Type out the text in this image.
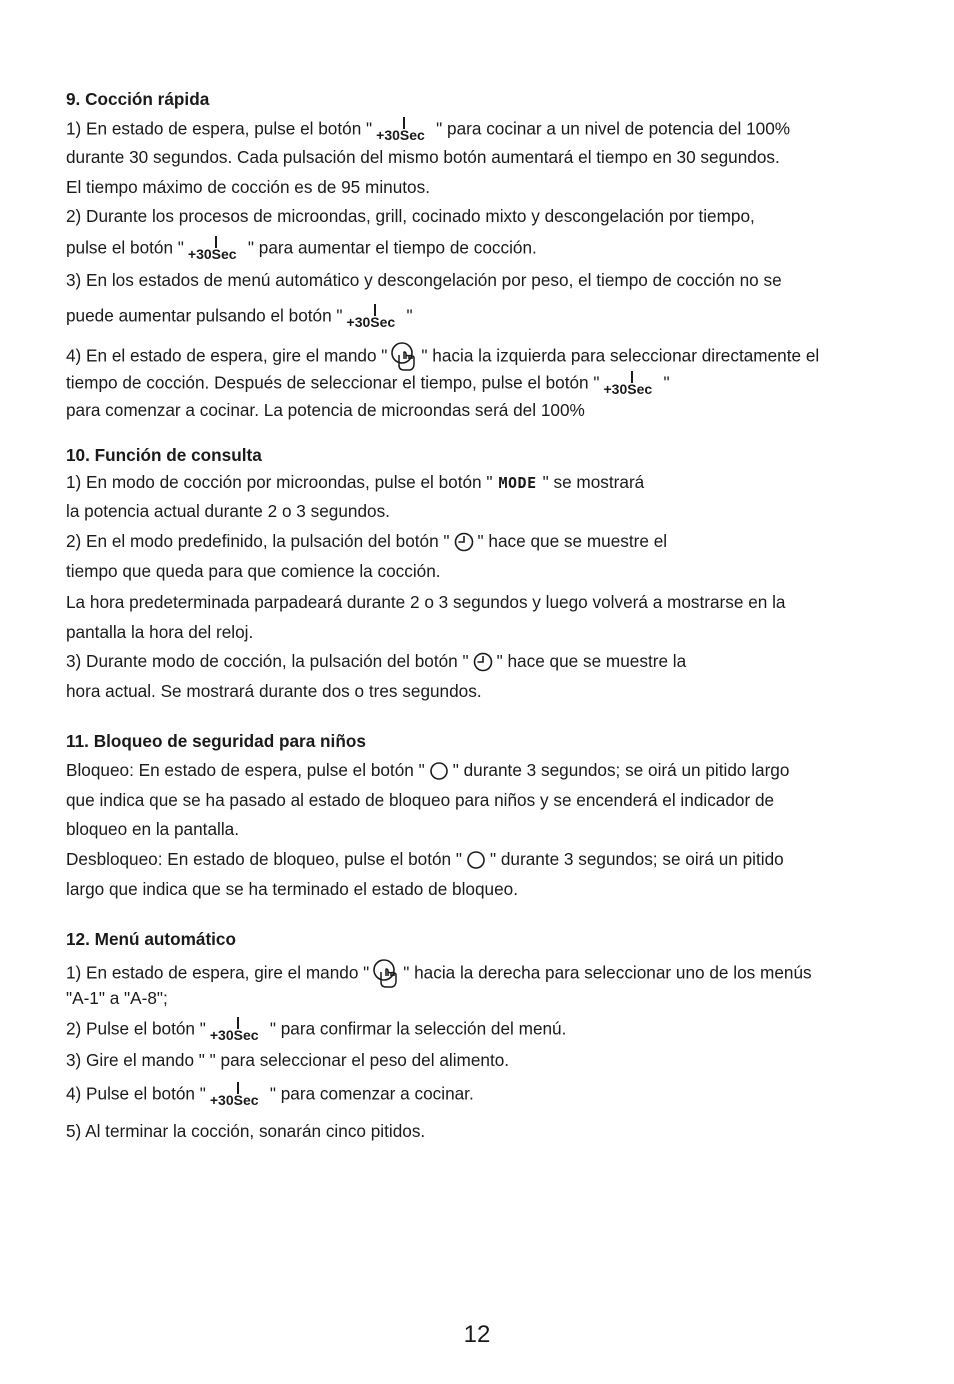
9. Cocción rápida
1) En estado de espera, pulse el botón " +30Sec " para cocinar a un nivel de potencia del 100%
durante 30 segundos. Cada pulsación del mismo botón aumentará el tiempo en 30 segundos.
El tiempo máximo de cocción es de 95 minutos.
2) Durante los procesos de microondas, grill, cocinado mixto y descongelación por tiempo,
pulse el botón " +30Sec " para aumentar el tiempo de cocción.
3) En los estados de menú automático y descongelación por peso, el tiempo de cocción no se
puede aumentar pulsando el botón " +30Sec "
4) En el estado de espera, gire el mando " " hacia la izquierda para seleccionar directamente el
tiempo de cocción. Después de seleccionar el tiempo, pulse el botón " +30Sec "
para comenzar a cocinar. La potencia de microondas será del 100%
10. Función de consulta
1) En modo de cocción por microondas, pulse el botón " MODE " se mostrará
la potencia actual durante 2 o 3 segundos.
2) En el modo predefinido, la pulsación del botón " " hace que se muestre el
tiempo que queda para que comience la cocción.
La hora predeterminada parpadeará durante 2 o 3 segundos y luego volverá a mostrarse en la
pantalla la hora del reloj.
3) Durante modo de cocción, la pulsación del botón " " hace que se muestre la
hora actual. Se mostrará durante dos o tres segundos.
11. Bloqueo de seguridad para niños
Bloqueo: En estado de espera, pulse el botón " " durante 3 segundos; se oirá un pitido largo
que indica que se ha pasado al estado de bloqueo para niños y se encenderá el indicador de
bloqueo en la pantalla.
Desbloqueo: En estado de bloqueo, pulse el botón " " durante 3 segundos; se oirá un pitido
largo que indica que se ha terminado el estado de bloqueo.
12. Menú automático
1) En estado de espera, gire el mando " " hacia la derecha para seleccionar uno de los menús
"A-1" a "A-8";
2) Pulse el botón " +30Sec " para confirmar la selección del menú.
3) Gire el mando " " para seleccionar el peso del alimento.
4) Pulse el botón " +30Sec " para comenzar a cocinar.
5) Al terminar la cocción, sonarán cinco pitidos.
12
